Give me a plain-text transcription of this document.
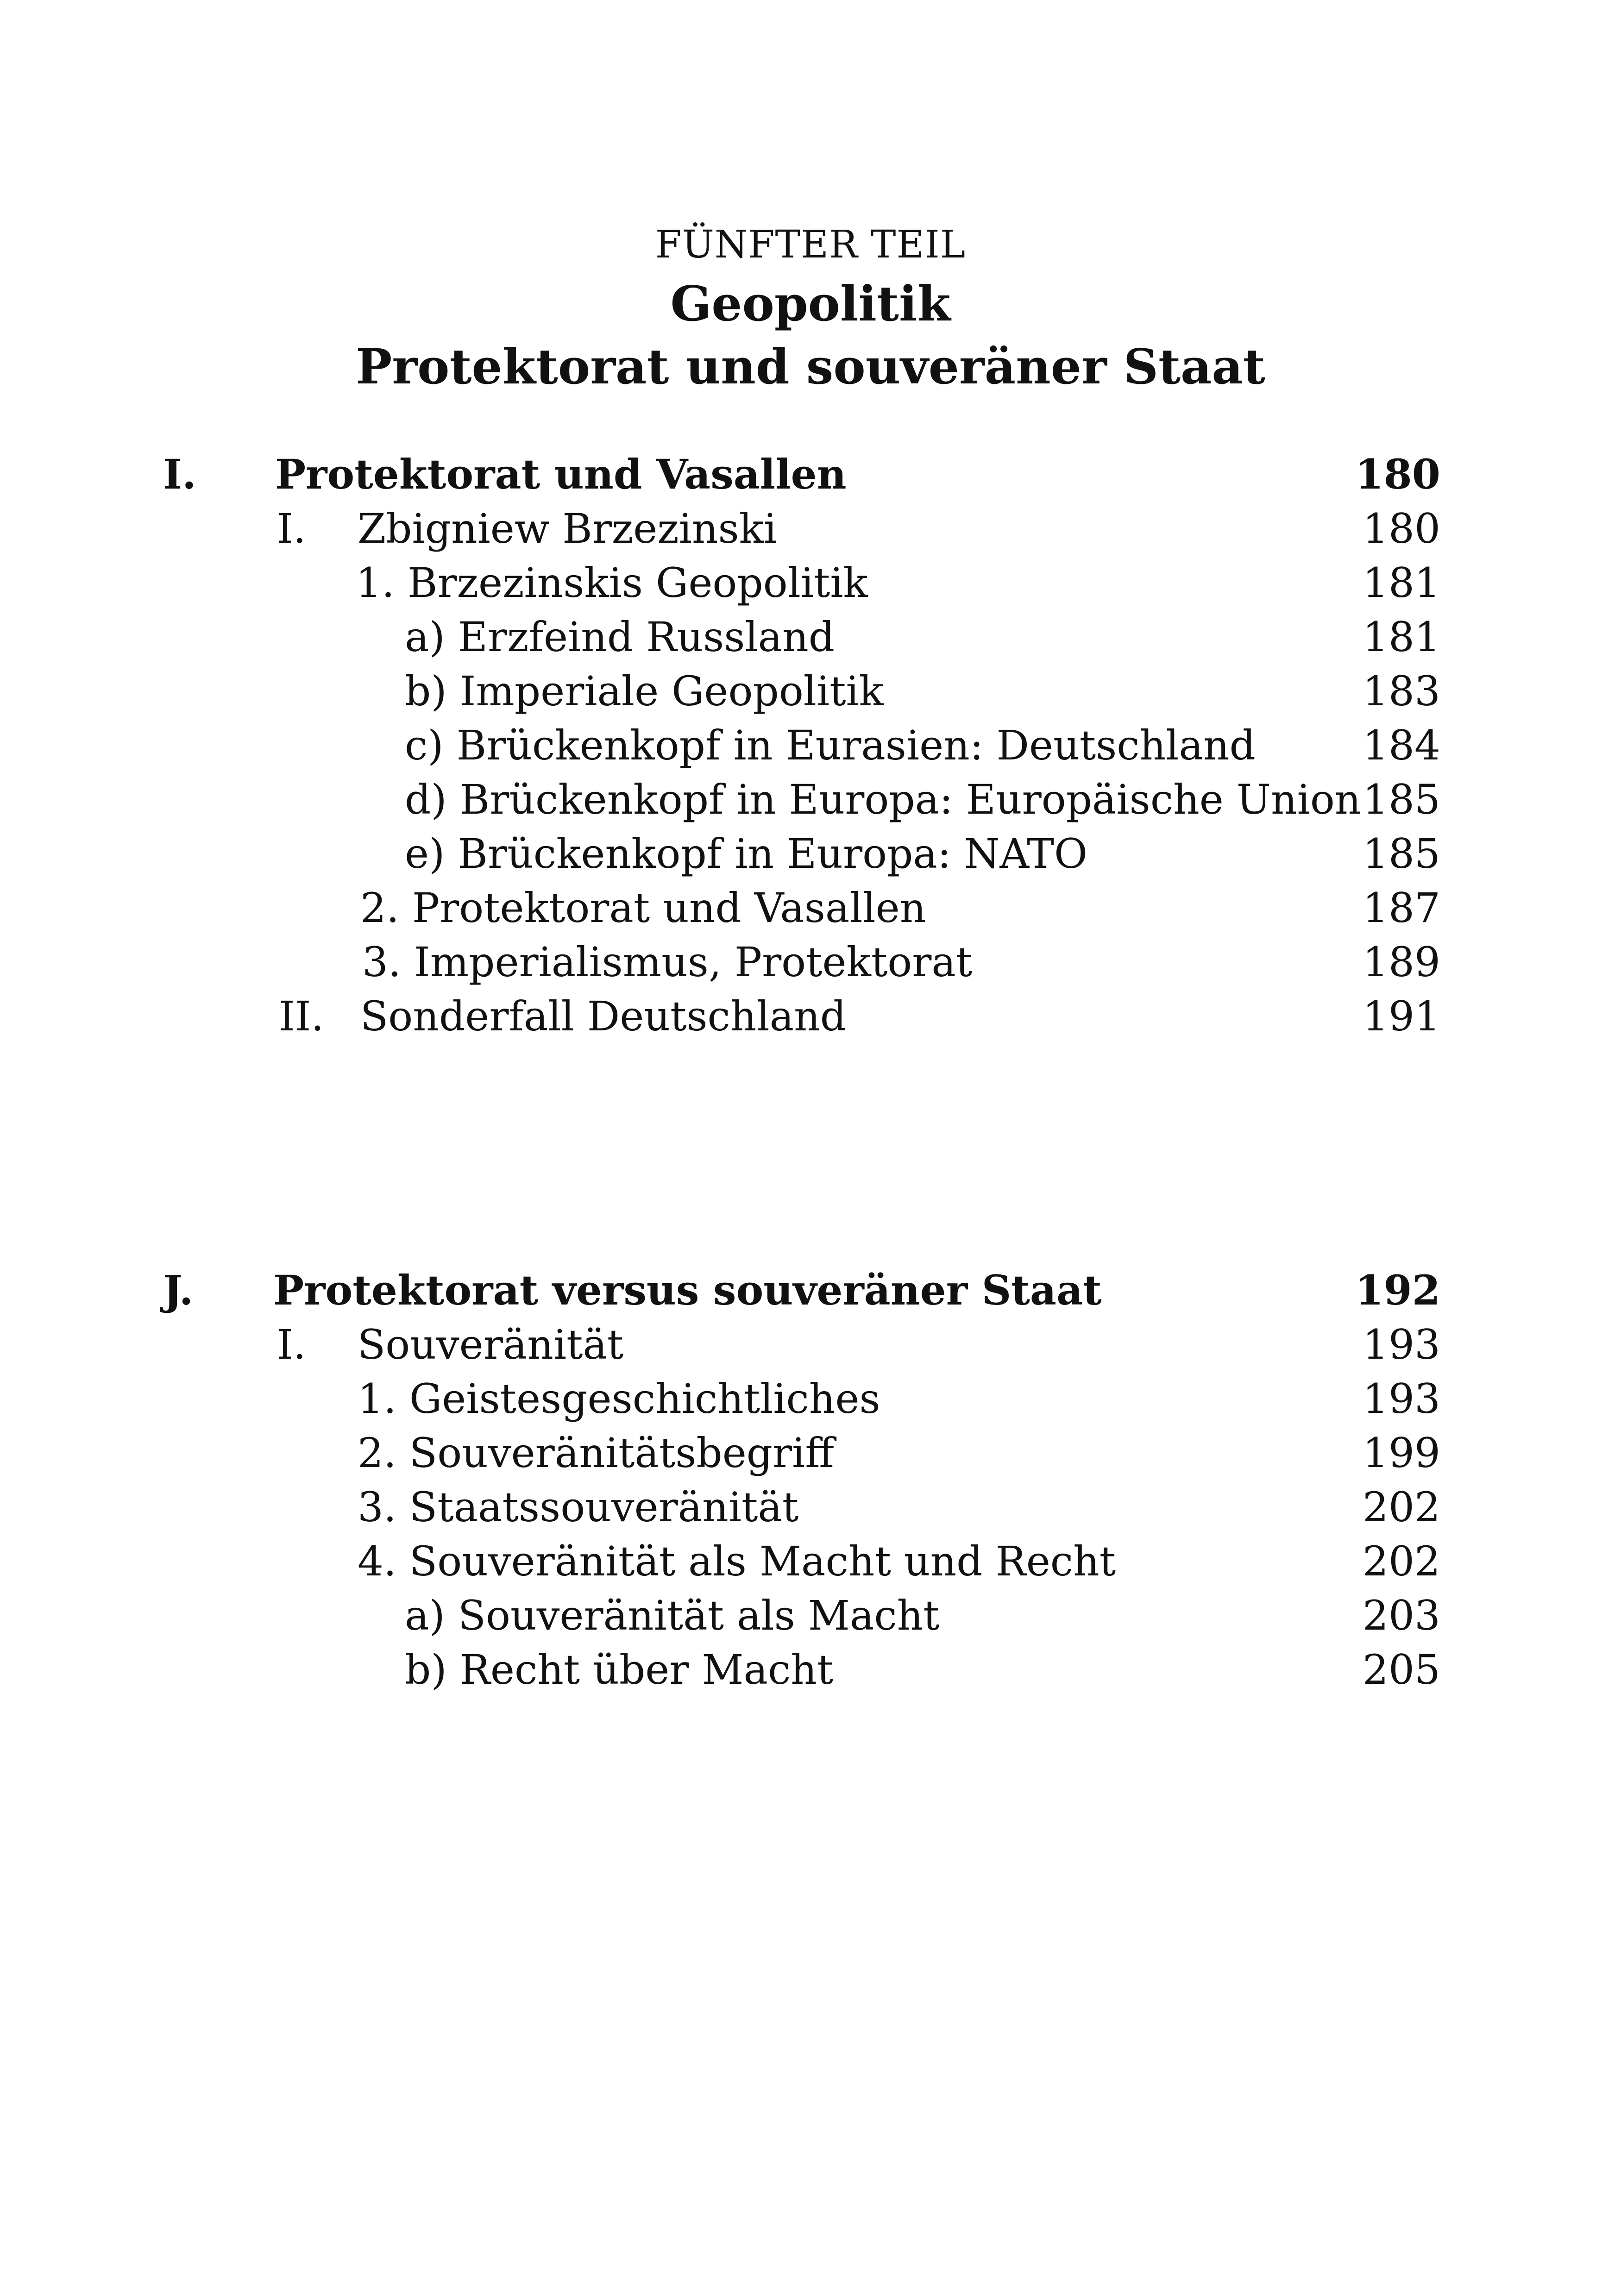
FÜNFTER TEIL
Geopolitik
Protektorat und souveräner Staat
I. Protektorat und Vasallen	180
I. Zbigniew Brzezinski	180
1. Brzezinskis Geopolitik	181
a) Erzfeind Russland	181
b) Imperiale Geopolitik	183
c) Brückenkopf in Eurasien: Deutschland	184
d) Brückenkopf in Europa: Europäische Union 185
e) Brückenkopf in Europa: NATO	185
2. Protektorat und Vasallen	187
3. Imperialismus, Protektorat	189
II. Sonderfall Deutschland	191
J. Protektorat versus souveräner Staat	192
I. Souveränität	193
1. Geistesgeschichtliches	193
2. Souveränitätsbegriff	199
3. Staatssouveränität	202
4. Souveränität als Macht und Recht	202
a) Souveränität als Macht	203
b) Recht über Macht	205
